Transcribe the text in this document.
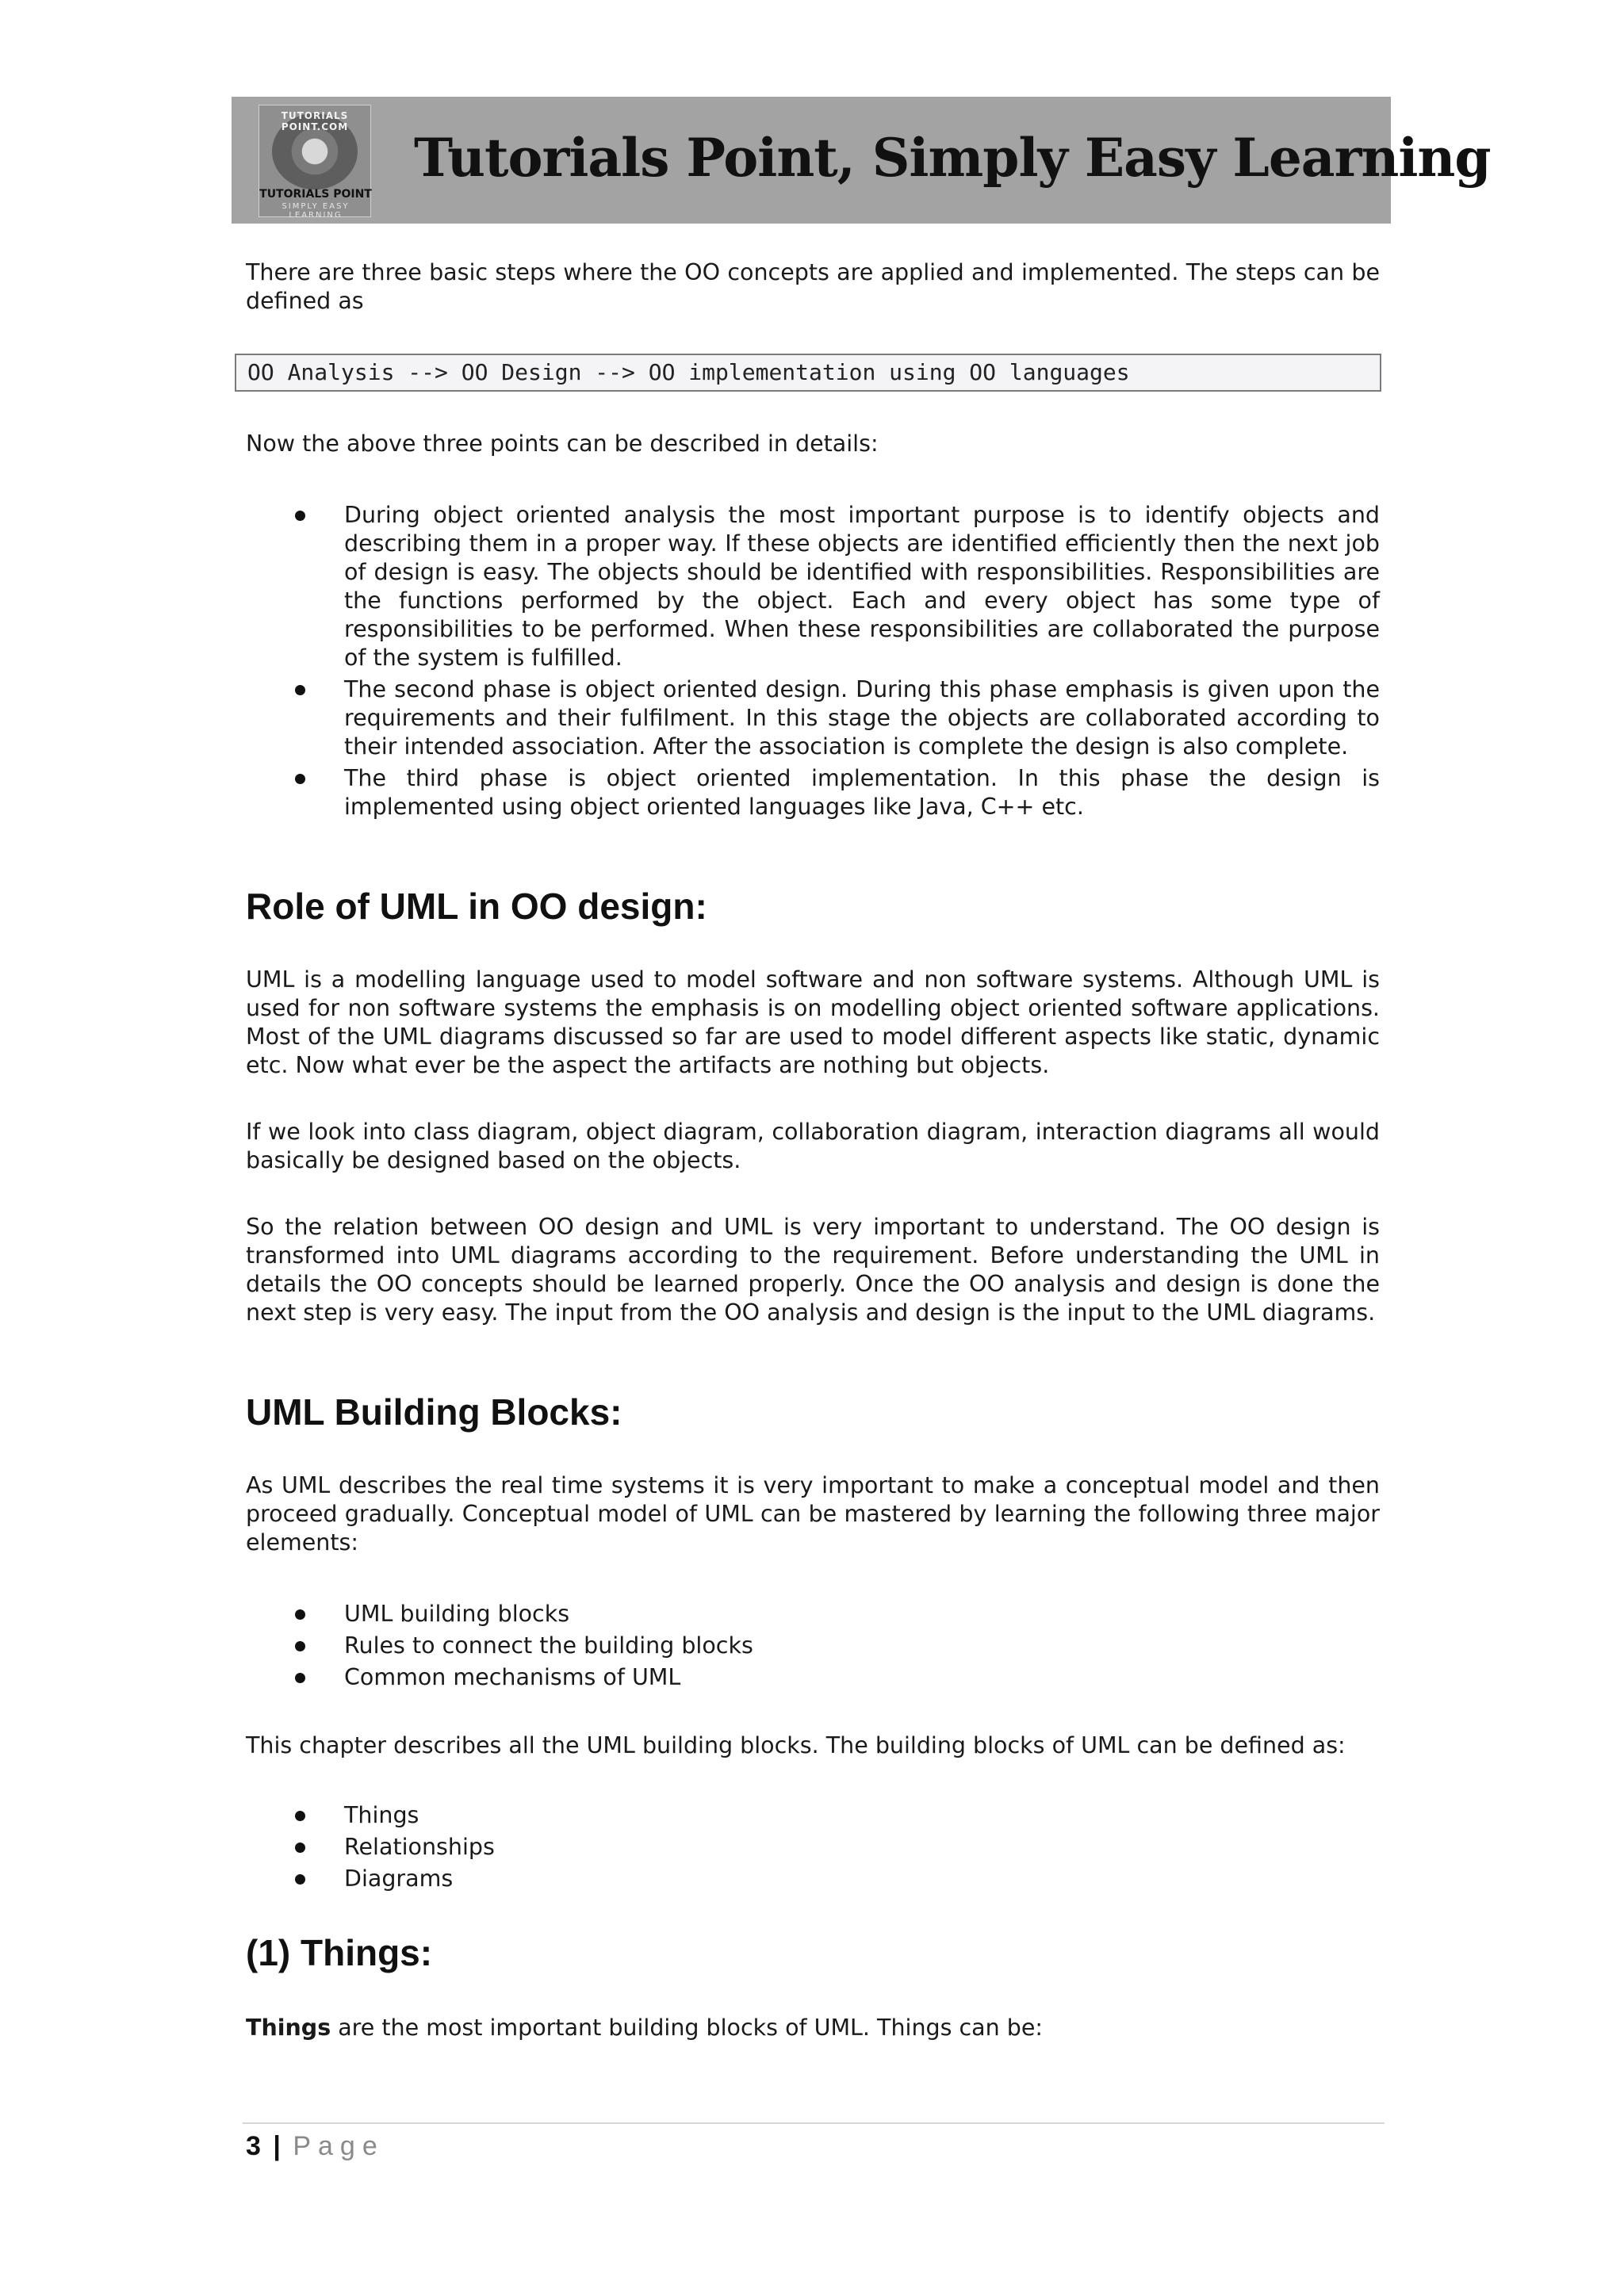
TUTORIALS POINT.COM
TUTORIALS POINT
SIMPLY EASY LEARNING
Tutorials Point, Simply Easy Learning

There are three basic steps where the OO concepts are applied and implemented. The steps can be defined as

OO Analysis --> OO Design --> OO implementation using OO languages

Now the above three points can be described in details:

During object oriented analysis the most important purpose is to identify objects and describing them in a proper way. If these objects are identified efficiently then the next job of design is easy. The objects should be identified with responsibilities. Responsibilities are the functions performed by the object. Each and every object has some type of responsibilities to be performed. When these responsibilities are collaborated the purpose of the system is fulfilled.
The second phase is object oriented design. During this phase emphasis is given upon the requirements and their fulfilment. In this stage the objects are collaborated according to their intended association. After the association is complete the design is also complete.
The third phase is object oriented implementation. In this phase the design is implemented using object oriented languages like Java, C++ etc.
Role of UML in OO design:

UML is a modelling language used to model software and non software systems. Although UML is used for non software systems the emphasis is on modelling object oriented software applications. Most of the UML diagrams discussed so far are used to model different aspects like static, dynamic etc. Now what ever be the aspect the artifacts are nothing but objects.

If we look into class diagram, object diagram, collaboration diagram, interaction diagrams all would basically be designed based on the objects.

So the relation between OO design and UML is very important to understand. The OO design is transformed into UML diagrams according to the requirement. Before understanding the UML in details the OO concepts should be learned properly. Once the OO analysis and design is done the next step is very easy. The input from the OO analysis and design is the input to the UML diagrams.

UML Building Blocks:

As UML describes the real time systems it is very important to make a conceptual model and then proceed gradually. Conceptual model of UML can be mastered by learning the following three major elements:

UML building blocks
Rules to connect the building blocks
Common mechanisms of UML

This chapter describes all the UML building blocks. The building blocks of UML can be defined as:

Things
Relationships
Diagrams
(1) Things:

Things are the most important building blocks of UML. Things can be:

3 | Page
